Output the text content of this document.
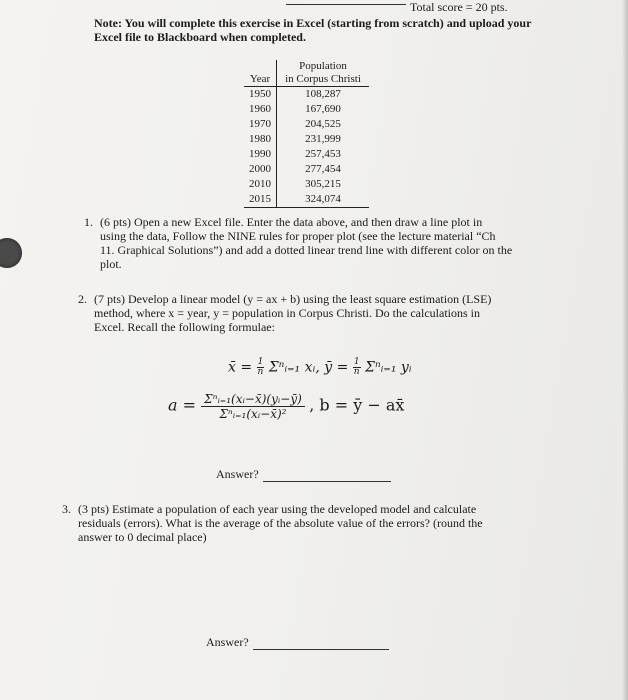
Total score = 20 pts.
Note: You will complete this exercise in Excel (starting from scratch) and upload your Excel file to Blackboard when completed.
Year	Population
in Corpus Christi
1950	108,287
1960	167,690
1970	204,525
1980	231,999
1990	257,453
2000	277,454
2010	305,215
2015	324,074
1. (6 pts) Open a new Excel file. Enter the data above, and then draw a line plot in
using the data, Follow the NINE rules for proper plot (see the lecture material “Ch
11. Graphical Solutions”) and add a dotted linear trend line with different color on the
plot.
2. (7 pts) Develop a linear model (y = ax + b) using the least square estimation (LSE)
method, where x = year, y = population in Corpus Christi. Do the calculations in
Excel. Recall the following formulae:
x̄ = $\frac{1}{n}$ Σⁿᵢ₌₁ xᵢ, ȳ = $\frac{1}{n}$ Σⁿᵢ₌₁ yᵢ
$a = \frac{\text{Σⁿᵢ₌₁(xᵢ−x̄)(yᵢ−ȳ)}}{\text{Σⁿᵢ₌₁(xᵢ−x̄)²}}$ , b = ȳ − ax̄
Answer?
3. (3 pts) Estimate a population of each year using the developed model and calculate
residuals (errors). What is the average of the absolute value of the errors? (round the
answer to 0 decimal place)
Answer?
